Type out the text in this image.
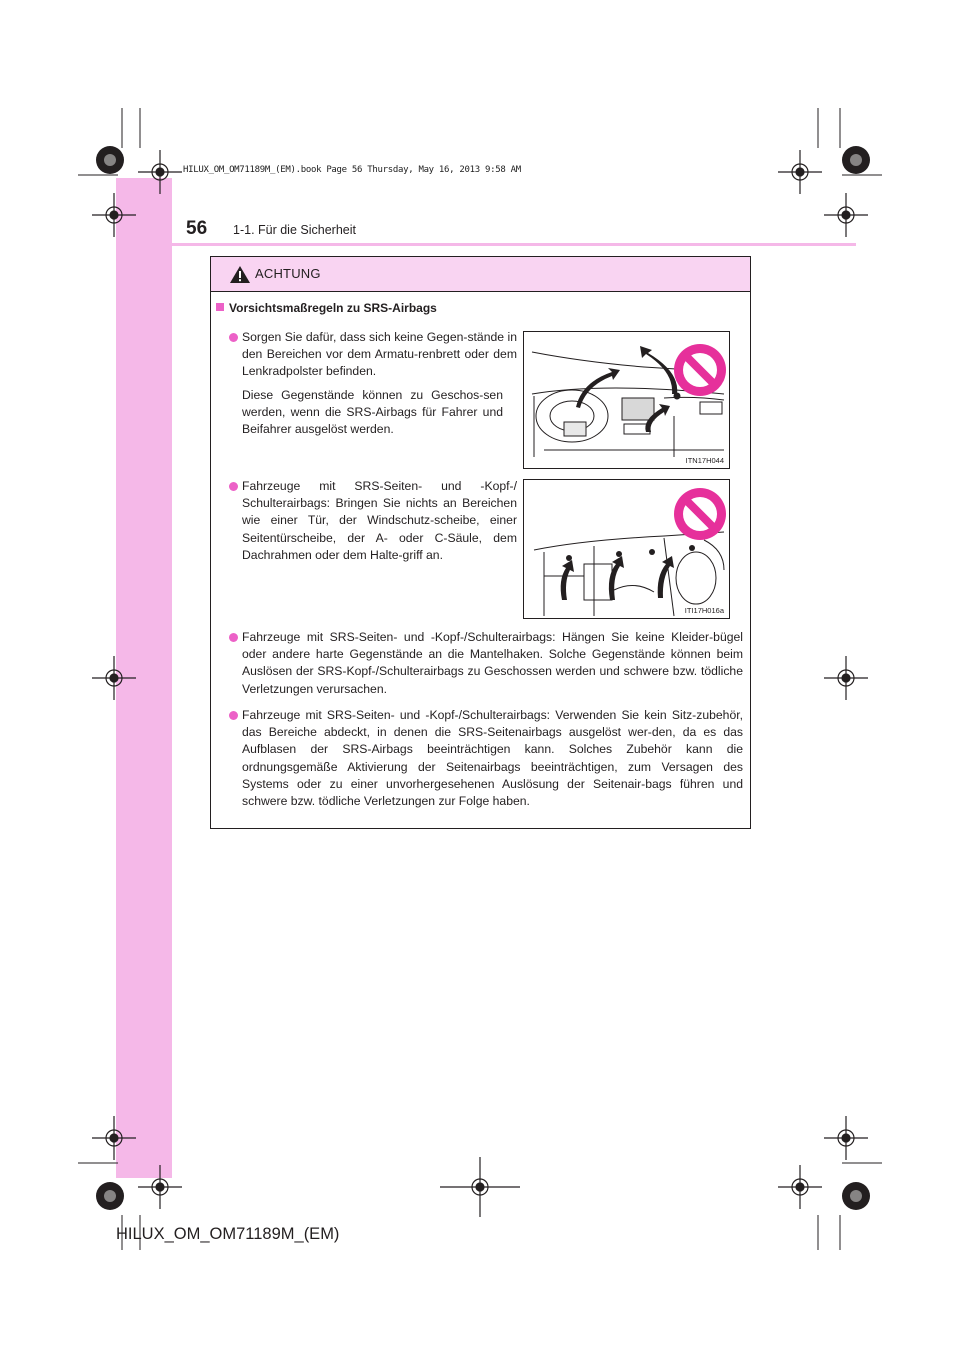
HILUX_OM_OM71189M_(EM).book Page 56 Thursday, May 16, 2013 9:58 AM
56 1-1. Für die Sicherheit
ACHTUNG
Vorsichtsmaßregeln zu SRS-Airbags
Sorgen Sie dafür, dass sich keine Gegen-stände in den Bereichen vor dem Armatu-renbrett oder dem Lenkradpolster befinden.
Diese Gegenstände können zu Geschos-sen werden, wenn die SRS-Airbags für Fahrer und Beifahrer ausgelöst werden.
ITN17H044
Fahrzeuge mit SRS-Seiten- und -Kopf-/ Schulterairbags: Bringen Sie nichts an Bereichen wie einer Tür, der Windschutz-scheibe, einer Seitentürscheibe, der A- oder C-Säule, dem Dachrahmen oder dem Halte-griff an.
ITI17H016a
Fahrzeuge mit SRS-Seiten- und -Kopf-/Schulterairbags: Hängen Sie keine Kleider-bügel oder andere harte Gegenstände an die Mantelhaken. Solche Gegenstände können beim Auslösen der SRS-Kopf-/Schulterairbags zu Geschossen werden und schwere bzw. tödliche Verletzungen verursachen.
Fahrzeuge mit SRS-Seiten- und -Kopf-/Schulterairbags: Verwenden Sie kein Sitz-zubehör, das Bereiche abdeckt, in denen die SRS-Seitenairbags ausgelöst wer-den, da es das Aufblasen der SRS-Airbags beeinträchtigen kann. Solches Zubehör kann die ordnungsgemäße Aktivierung der Seitenairbags beeinträchtigen, zum Versagen des Systems oder zu einer unvorhergesehenen Auslösung der Seitenair-bags führen und schwere bzw. tödliche Verletzungen zur Folge haben.
HILUX_OM_OM71189M_(EM)
